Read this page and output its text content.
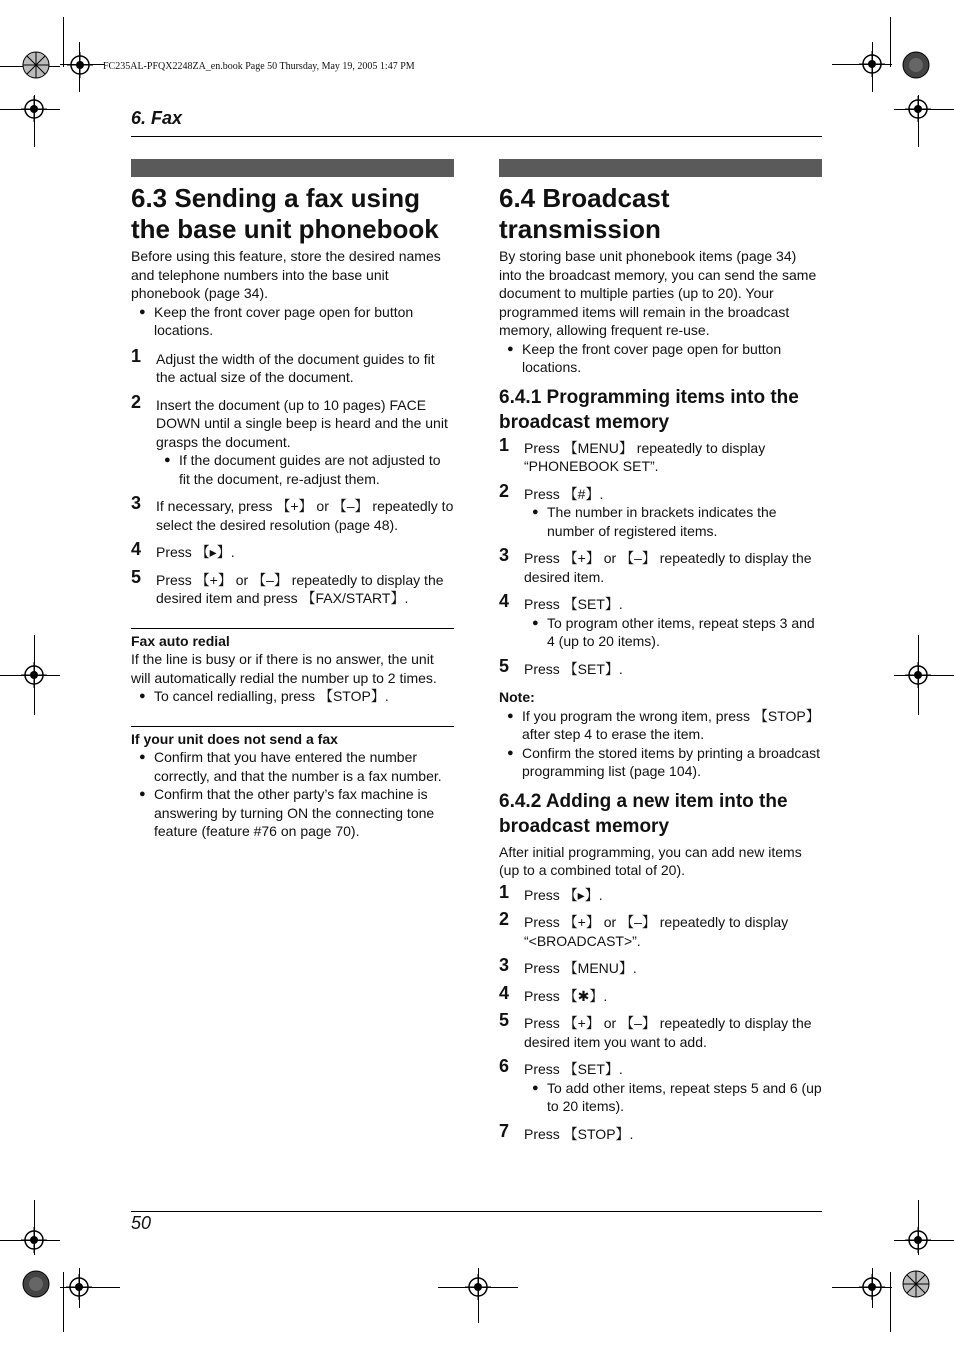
FC235AL-PFQX2248ZA_en.book Page 50 Thursday, May 19, 2005 1:47 PM
6. Fax
6.3 Sending a fax using the base unit phonebook

Before using this feature, store the desired names and telephone numbers into the base unit phonebook (page 34).

● Keep the front cover page open for button locations.
1 Adjust the width of the document guides to fit the actual size of the document.
2 Insert the document (up to 10 pages) FACE DOWN until a single beep is heard and the unit grasps the document.
● If the document guides are not adjusted to fit the document, re-adjust them.
3 If necessary, press 【+】 or 【–】 repeatedly to select the desired resolution (page 48).
4 Press 【▸】.
5 Press 【+】 or 【–】 repeatedly to display the desired item and press 【FAX/START】.
Fax auto redial

If the line is busy or if there is no answer, the unit will automatically redial the number up to 2 times.

● To cancel redialling, press 【STOP】.
If your unit does not send a fax
● Confirm that you have entered the number correctly, and that the number is a fax number.
● Confirm that the other party’s fax machine is answering by turning ON the connecting tone feature (feature #76 on page 70).
6.4 Broadcast transmission

By storing base unit phonebook items (page 34) into the broadcast memory, you can send the same document to multiple parties (up to 20). Your programmed items will remain in the broadcast memory, allowing frequent re-use.

● Keep the front cover page open for button locations.
6.4.1 Programming items into the broadcast memory
1 Press 【MENU】 repeatedly to display “PHONEBOOK SET”.
2 Press 【#】.
● The number in brackets indicates the number of registered items.
3 Press 【+】 or 【–】 repeatedly to display the desired item.
4 Press 【SET】.
● To program other items, repeat steps 3 and 4 (up to 20 items).
5 Press 【SET】.
Note:
● If you program the wrong item, press 【STOP】 after step 4 to erase the item.
● Confirm the stored items by printing a broadcast programming list (page 104).
6.4.2 Adding a new item into the broadcast memory

After initial programming, you can add new items (up to a combined total of 20).

1 Press 【▸】.
2 Press 【+】 or 【–】 repeatedly to display “<BROADCAST>”.
3 Press 【MENU】.
4 Press 【✱】.
5 Press 【+】 or 【–】 repeatedly to display the desired item you want to add.
6 Press 【SET】.
● To add other items, repeat steps 5 and 6 (up to 20 items).
7 Press 【STOP】.
50
